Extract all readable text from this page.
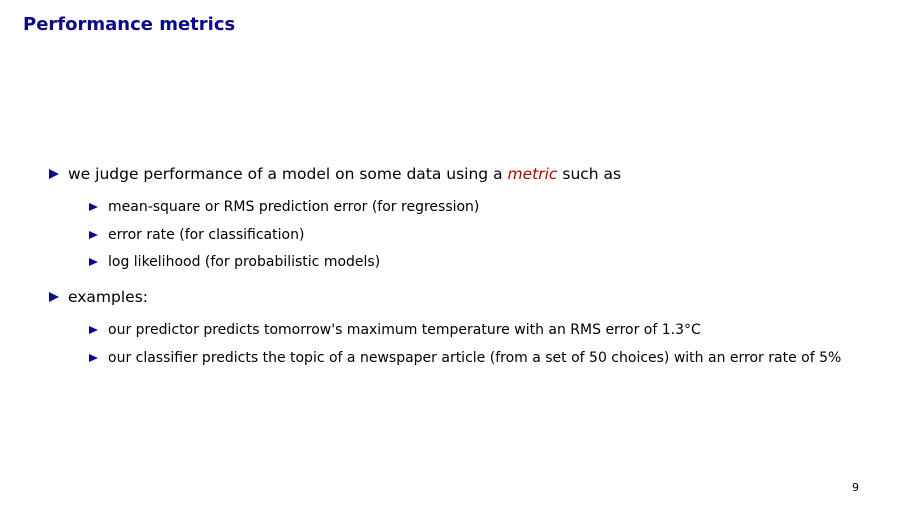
Performance metrics
we judge performance of a model on some data using a metric such as
mean-square or RMS prediction error (for regression)
error rate (for classification)
log likelihood (for probabilistic models)
examples:
our predictor predicts tomorrow's maximum temperature with an RMS error of 1.3°C
our classifier predicts the topic of a newspaper article (from a set of 50 choices) with an error rate of 5%
9
